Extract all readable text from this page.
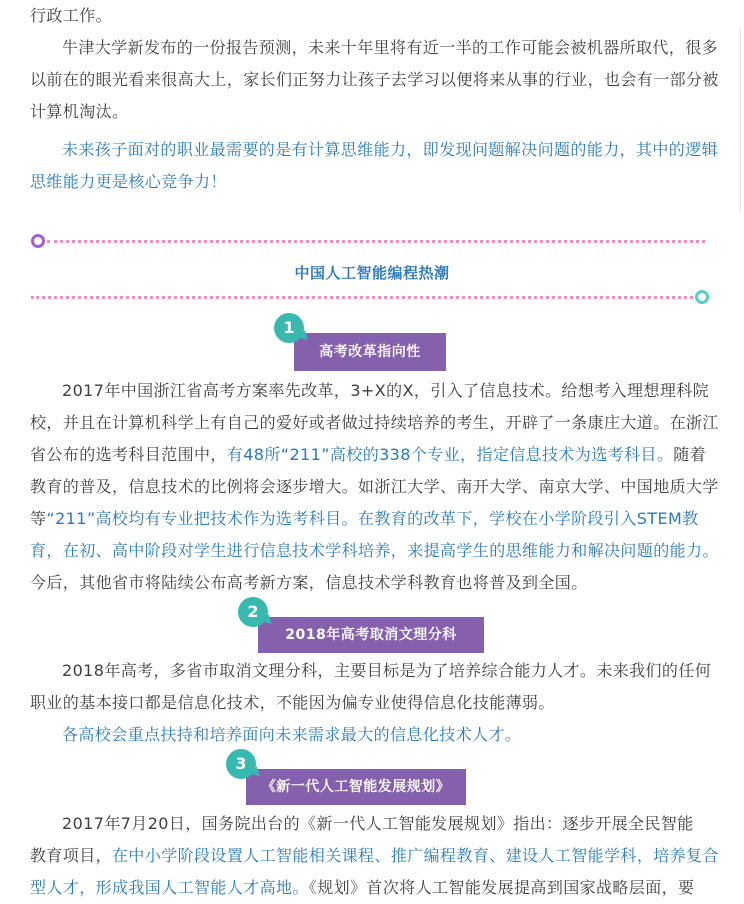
行政工作。

牛津大学新发布的一份报告预测，未来十年里将有近一半的工作可能会被机器所取代，很多
以前在的眼光看来很高大上，家长们正努力让孩子去学习以便将来从事的行业，也会有一部分被
计算机淘汰。

未来孩子面对的职业最需要的是有计算思维能力，即发现问题解决问题的能力，其中的逻辑
思维能力更是核心竞争力！

中国人工智能编程热潮
高考改革指向性
1

2017年中国浙江省高考方案率先改革，3+X的X，引入了信息技术。给想考入理想理科院
校，并且在计算机科学上有自己的爱好或者做过持续培养的考生，开辟了一条康庄大道。在浙江
省公布的选考科目范围中，有48所“211”高校的338个专业，指定信息技术为选考科目。随着
教育的普及，信息技术的比例将会逐步增大。如浙江大学、南开大学、南京大学、中国地质大学
等“211”高校均有专业把技术作为选考科目。在教育的改革下，学校在小学阶段引入STEM教
育，在初、高中阶段对学生进行信息技术学科培养，来提高学生的思维能力和解决问题的能力。
今后，其他省市将陆续公布高考新方案，信息技术学科教育也将普及到全国。

2018年高考取消文理分科
2

2018年高考，多省市取消文理分科，主要目标是为了培养综合能力人才。未来我们的任何
职业的基本接口都是信息化技术，不能因为偏专业使得信息化技能薄弱。
各高校会重点扶持和培养面向未来需求最大的信息化技术人才。

《新一代人工智能发展规划》
3

2017年7月20日，国务院出台的《新一代人工智能发展规划》指出：逐步开展全民智能
教育项目，在中小学阶段设置人工智能相关课程、推广编程教育、建设人工智能学科，培养复合
型人才，形成我国人工智能人才高地。《规划》首次将人工智能发展提高到国家战略层面，要
